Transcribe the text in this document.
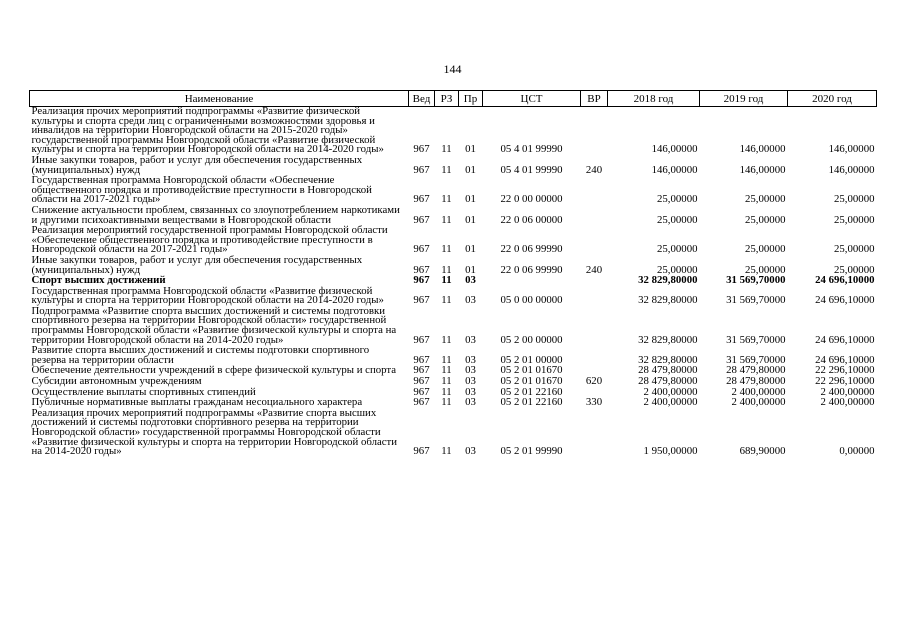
144
Наименование	Вед	РЗ	Пр	ЦСТ	ВР	2018 год	2019 год	2020 год
Реализация прочих мероприятий подпрограммы «Развитие физической культуры и спорта среди лиц с ограниченными возможностями здоровья и инвалидов на территории Новгородской области на 2015-2020 годы» государственной программы Новгородской области «Развитие физической культуры и спорта на территории Новгородской области на 2014-2020 годы»	967	11	01	05 4 01 99990		146,00000	146,00000	146,00000
Иные закупки товаров, работ и услуг для обеспечения государственных (муниципальных) нужд	967	11	01	05 4 01 99990	240	146,00000	146,00000	146,00000
Государственная программа Новгородской области «Обеспечение общественного порядка и противодействие преступности в Новгородской области на 2017-2021 годы»	967	11	01	22 0 00 00000		25,00000	25,00000	25,00000
Снижение актуальности проблем, связанных со злоупотреблением наркотиками и другими психоактивными веществами в Новгородской области	967	11	01	22 0 06 00000		25,00000	25,00000	25,00000
Реализация мероприятий государственной программы Новгородской области «Обеспечение общественного порядка и противодействие преступности в Новгородской области на 2017-2021 годы»	967	11	01	22 0 06 99990		25,00000	25,00000	25,00000
Иные закупки товаров, работ и услуг для обеспечения государственных (муниципальных) нужд	967	11	01	22 0 06 99990	240	25,00000	25,00000	25,00000
Спорт высших достижений	967	11	03			32 829,80000	31 569,70000	24 696,10000
Государственная программа Новгородской области «Развитие физической культуры и спорта на территории Новгородской области на 2014-2020 годы»	967	11	03	05 0 00 00000		32 829,80000	31 569,70000	24 696,10000
Подпрограмма «Развитие спорта высших достижений и системы подготовки спортивного резерва на территории Новгородской области» государственной программы Новгородской области «Развитие физической культуры и спорта на территории Новгородской области на 2014-2020 годы»	967	11	03	05 2 00 00000		32 829,80000	31 569,70000	24 696,10000
Развитие спорта высших достижений и системы подготовки спортивного резерва на территории области	967	11	03	05 2 01 00000		32 829,80000	31 569,70000	24 696,10000
Обеспечение деятельности учреждений в сфере физической культуры и спорта	967	11	03	05 2 01 01670		28 479,80000	28 479,80000	22 296,10000
Субсидии автономным учреждениям	967	11	03	05 2 01 01670	620	28 479,80000	28 479,80000	22 296,10000
Осуществление выплаты спортивных стипендий	967	11	03	05 2 01 22160		2 400,00000	2 400,00000	2 400,00000
Публичные нормативные выплаты гражданам несоциального характера	967	11	03	05 2 01 22160	330	2 400,00000	2 400,00000	2 400,00000
Реализация прочих мероприятий подпрограммы «Развитие спорта высших достижений и системы подготовки спортивного резерва на территории Новгородской области» государственной программы Новгородской области «Развитие физической культуры и спорта на территории Новгородской области на 2014-2020 годы»	967	11	03	05 2 01 99990		1 950,00000	689,90000	0,00000
